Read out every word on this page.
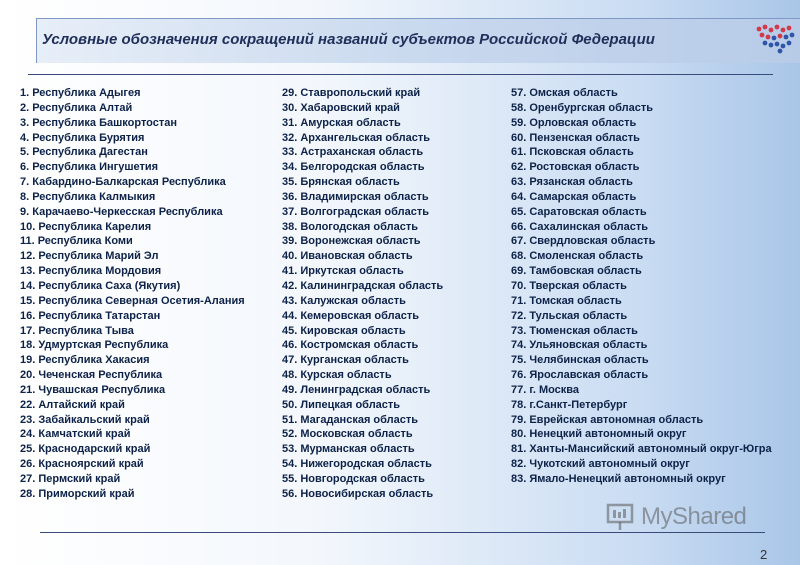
Условные обозначения сокращений названий субъектов Российской Федерации
1. Республика Адыгея
2. Республика Алтай
3. Республика Башкортостан
4. Республика Бурятия
5. Республика Дагестан
6. Республика Ингушетия
7. Кабардино-Балкарская Республика
8. Республика Калмыкия
9. Карачаево-Черкесская Республика
10. Республика Карелия
11. Республика Коми
12. Республика Марий Эл
13. Республика Мордовия
14. Республика Саха (Якутия)
15. Республика Северная Осетия-Алания
16. Республика Татарстан
17. Республика Тыва
18. Удмуртская Республика
19. Республика Хакасия
20. Чеченская Республика
21. Чувашская Республика
22. Алтайский край
23. Забайкальский край
24. Камчатский край
25. Краснодарский край
26. Красноярский край
27. Пермский край
28. Приморский край
29. Ставропольский край
30. Хабаровский край
31. Амурская область
32. Архангельская область
33. Астраханская область
34. Белгородская область
35. Брянская область
36. Владимирская область
37. Волгоградская область
38. Вологодская область
39. Воронежская область
40. Ивановская область
41. Иркутская область
42. Калининградская область
43. Калужская область
44. Кемеровская область
45. Кировская область
46. Костромская область
47. Курганская область
48. Курская область
49. Ленинградская область
50. Липецкая область
51. Магаданская область
52. Московская область
53. Мурманская область
54. Нижегородская область
55. Новгородская область
56. Новосибирская область
57. Омская область
58. Оренбургская область
59. Орловская область
60. Пензенская область
61. Псковская область
62. Ростовская область
63. Рязанская область
64. Самарская область
65. Саратовская область
66. Сахалинская область
67. Свердловская область
68. Смоленская область
69. Тамбовская область
70. Тверская область
71. Томская область
72. Тульская область
73. Тюменская область
74. Ульяновская область
75. Челябинская область
76. Ярославская область
77. г. Москва
78. г.Санкт-Петербург
79. Еврейская автономная область
80. Ненецкий автономный округ
81. Ханты-Мансийский автономный округ-Югра
82. Чукотский автономный округ
83. Ямало-Ненецкий автономный округ
MyShared
2
